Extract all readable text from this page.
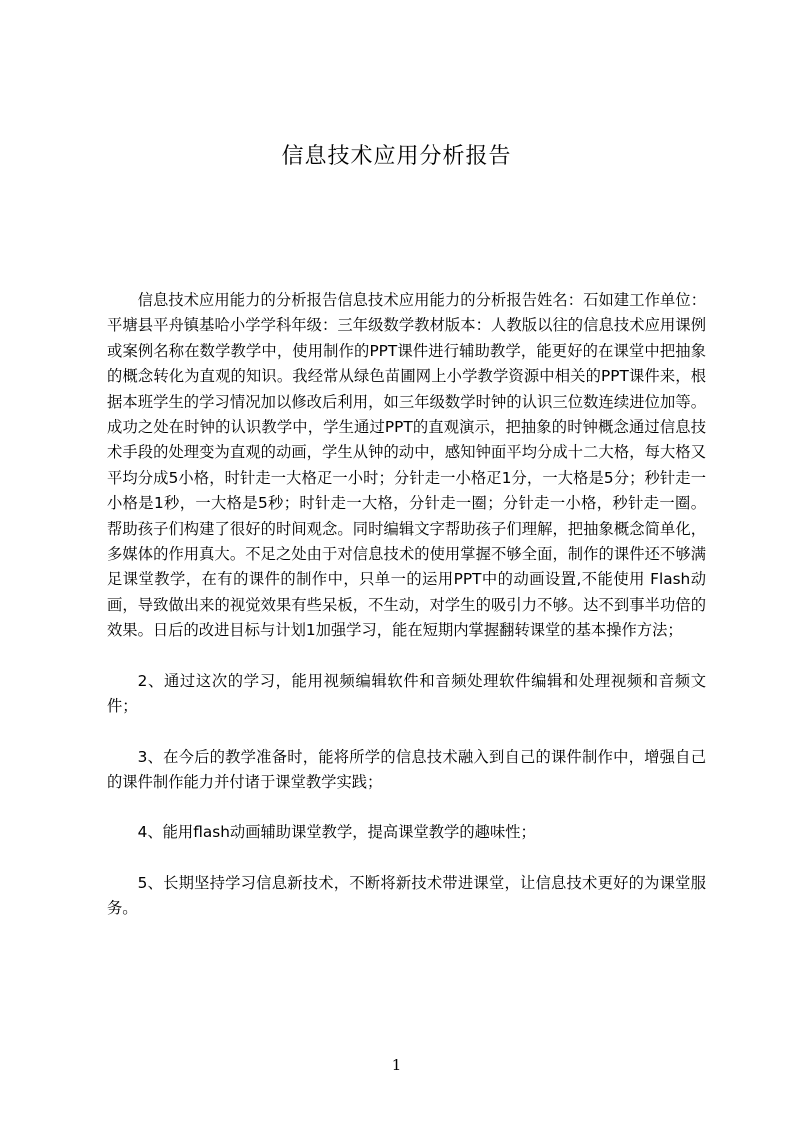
信息技术应用分析报告

信息技术应用能力的分析报告信息技术应用能力的分析报告姓名：石如建工作单位：平塘县平舟镇基哈小学学科年级：三年级数学教材版本：人教版以往的信息技术应用课例或案例名称在数学教学中，使用制作的PPT课件进行辅助教学，能更好的在课堂中把抽象的概念转化为直观的知识。我经常从绿色苗圃网上小学教学资源中相关的PPT课件来，根据本班学生的学习情况加以修改后利用，如三年级数学时钟的认识三位数连续进位加等。成功之处在时钟的认识教学中，学生通过PPT的直观演示，把抽象的时钟概念通过信息技术手段的处理变为直观的动画，学生从钟的动中，感知钟面平均分成十二大格，每大格又平均分成5小格，时针走一大格疋一小时；分针走一小格疋1分，一大格是5分；秒针走一小格是1秒，一大格是5秒；时针走一大格，分针走一圈；分针走一小格，秒针走一圈。帮助孩子们构建了很好的时间观念。同时编辑文字帮助孩子们理解，把抽象概念简单化，多媒体的作用真大。不足之处由于对信息技术的使用掌握不够全面，制作的课件还不够满足课堂教学，在有的课件的制作中，只单一的运用PPT中的动画设置,不能使用 Flash动画，导致做出来的视觉效果有些呆板，不生动，对学生的吸引力不够。达不到事半功倍的效果。日后的改进目标与计划1加强学习，能在短期内掌握翻转课堂的基本操作方法；

2、通过这次的学习，能用视频编辑软件和音频处理软件编辑和处理视频和音频文件；

3、在今后的教学准备时，能将所学的信息技术融入到自己的课件制作中，增强自己的课件制作能力并付诸于课堂教学实践；

4、能用flash动画辅助课堂教学，提高课堂教学的趣味性；

5、长期坚持学习信息新技术，不断将新技术带进课堂，让信息技术更好的为课堂服务。

1
